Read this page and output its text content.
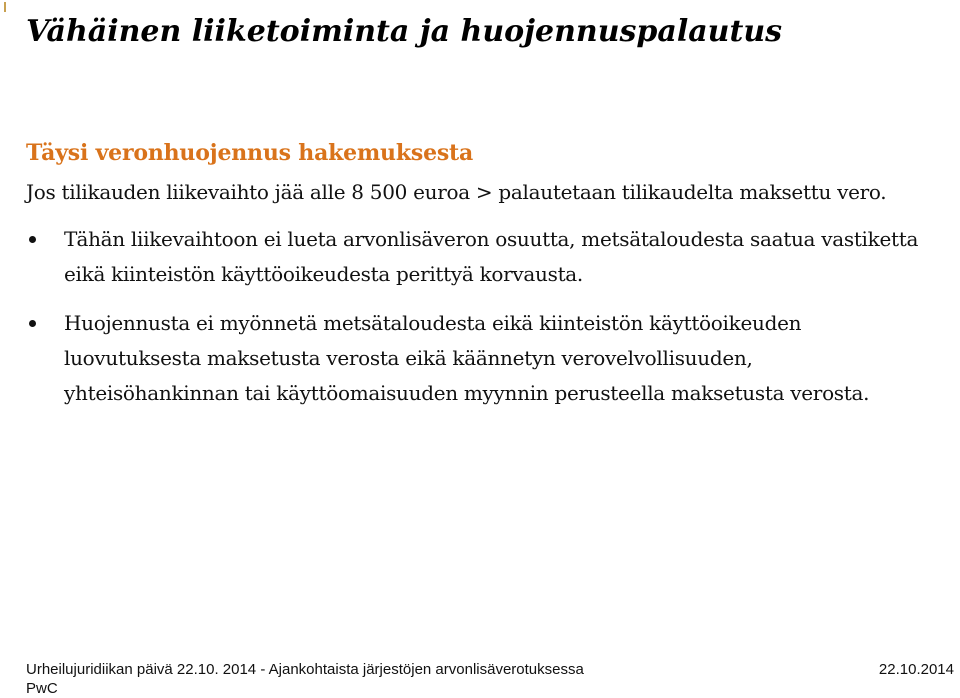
Vähäinen liiketoiminta ja huojennuspalautus
Täysi veronhuojennus hakemuksesta

Jos tilikauden liikevaihto jää alle 8 500 euroa > palautetaan tilikaudelta maksettu vero.

Tähän liikevaihtoon ei lueta arvonlisäveron osuutta, metsätaloudesta saatua vastiketta eikä kiinteistön käyttöoikeudesta perittyä korvausta.
Huojennusta ei myönnetä metsätaloudesta eikä kiinteistön käyttöoikeuden luovutuksesta maksetusta verosta eikä käännetyn verovelvollisuuden, yhteisöhankinnan tai käyttöomaisuuden myynnin perusteella maksetusta verosta.
Urheilujuridiikan päivä 22.10. 2014 - Ajankohtaista järjestöjen arvonlisäverotuksessa	22.10.2014
PwC
